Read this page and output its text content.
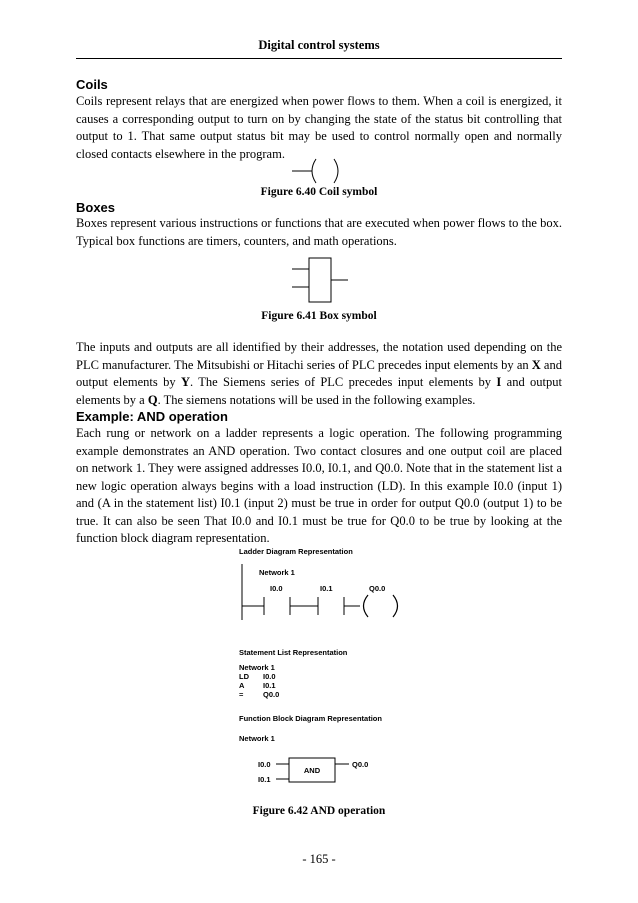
Digital control systems
Coils

Coils represent relays that are energized when power flows to them. When a coil is energized, it causes a corresponding output to turn on by changing the state of the status bit controlling that output to 1. That same output status bit may be used to control normally open and normally closed contacts elsewhere in the program.

Figure 6.40 Coil symbol
Boxes

Boxes represent various instructions or functions that are executed when power flows to the box. Typical box functions are timers, counters, and math operations.

Figure 6.41 Box symbol

The inputs and outputs are all identified by their addresses, the notation used depending on the PLC manufacturer. The Mitsubishi or Hitachi series of PLC precedes input elements by an X and output elements by Y. The Siemens series of PLC precedes input elements by I and output elements by a Q. The siemens notations will be used in the following examples.

Example: AND operation

Each rung or network on a ladder represents a logic operation. The following programming example demonstrates an AND operation. Two contact closures and one output coil are placed on network 1. They were assigned addresses I0.0, I0.1, and Q0.0. Note that in the statement list a new logic operation always begins with a load instruction (LD). In this example I0.0 (input 1) and (A in the statement list) I0.1 (input 2) must be true in order for output Q0.0 (output 1) to be true. It can also be seen That I0.0 and I0.1 must be true for Q0.0 to be true by looking at the function block diagram representation.

Ladder Diagram Representation
Network 1
I0.0	I0.1	Q0.0
Statement List Representation
Network 1
LD I0.0
A I0.1
=	Q0.0
Function Block Diagram Representation
Network 1
I0.0
I0.1
AND
Q0.0
Figure 6.42 AND operation
- 165 -
